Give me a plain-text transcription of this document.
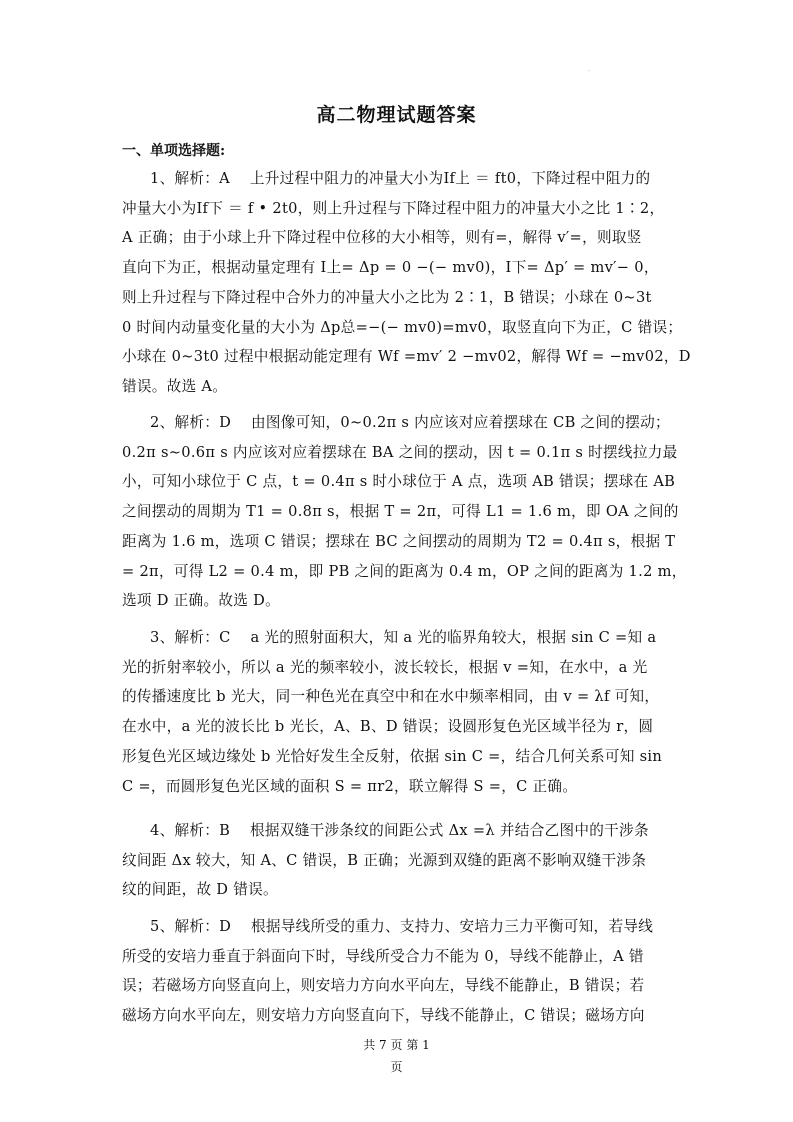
.
高二物理试题答案
一、单项选择题:
1、解析：A　 上升过程中阻力的冲量大小为If上 ＝ ft0，下降过程中阻力的
冲量大小为If下 ＝ f • 2t0，则上升过程与下降过程中阻力的冲量大小之比 1∶2，
A 正确；由于小球上升下降过程中位移的大小相等，则有=，解得 v′=，则取竖
直向下为正，根据动量定理有 I上= Δp = 0 −(− mv0)，I下= Δp′ = mv′− 0，
则上升过程与下降过程中合外力的冲量大小之比为 2∶1，B 错误；小球在 0∼3t
0 时间内动量变化量的大小为 Δp总=−(− mv0)=mv0，取竖直向下为正，C 错误；
小球在 0∼3t0 过程中根据动能定理有 Wf =mv′ 2 −mv02，解得 Wf = −mv02，D
错误。故选 A。
2、解析：D　 由图像可知，0∼0.2π s 内应该对应着摆球在 CB 之间的摆动；
0.2π s∼0.6π s 内应该对应着摆球在 BA 之间的摆动，因 t = 0.1π s 时摆线拉力最
小，可知小球位于 C 点，t = 0.4π s 时小球位于 A 点，选项 AB 错误；摆球在 AB
之间摆动的周期为 T1 = 0.8π s，根据 T = 2π，可得 L1 = 1.6 m，即 OA 之间的
距离为 1.6 m，选项 C 错误；摆球在 BC 之间摆动的周期为 T2 = 0.4π s，根据 T
= 2π，可得 L2 = 0.4 m，即 PB 之间的距离为 0.4 m，OP 之间的距离为 1.2 m，
选项 D 正确。故选 D。
3、解析：C　 a 光的照射面积大，知 a 光的临界角较大，根据 sin C =知 a
光的折射率较小，所以 a 光的频率较小，波长较长，根据 v =知，在水中，a 光
的传播速度比 b 光大，同一种色光在真空中和在水中频率相同，由 v = λf 可知，
在水中，a 光的波长比 b 光长，A、B、D 错误；设圆形复色光区域半径为 r，圆
形复色光区域边缘处 b 光恰好发生全反射，依据 sin C =，结合几何关系可知 sin
C =，而圆形复色光区域的面积 S = πr2，联立解得 S =，C 正确。
4、解析：B　 根据双缝干涉条纹的间距公式 Δx =λ 并结合乙图中的干涉条
纹间距 Δx 较大，知 A、C 错误，B 正确；光源到双缝的距离不影响双缝干涉条
纹的间距，故 D 错误。
5、解析：D　 根据导线所受的重力、支持力、安培力三力平衡可知，若导线
所受的安培力垂直于斜面向下时，导线所受合力不能为 0，导线不能静止，A 错
误；若磁场方向竖直向上，则安培力方向水平向左，导线不能静止，B 错误；若
磁场方向水平向左，则安培力方向竖直向下，导线不能静止，C 错误；磁场方向
共 7 页 第 1
页
